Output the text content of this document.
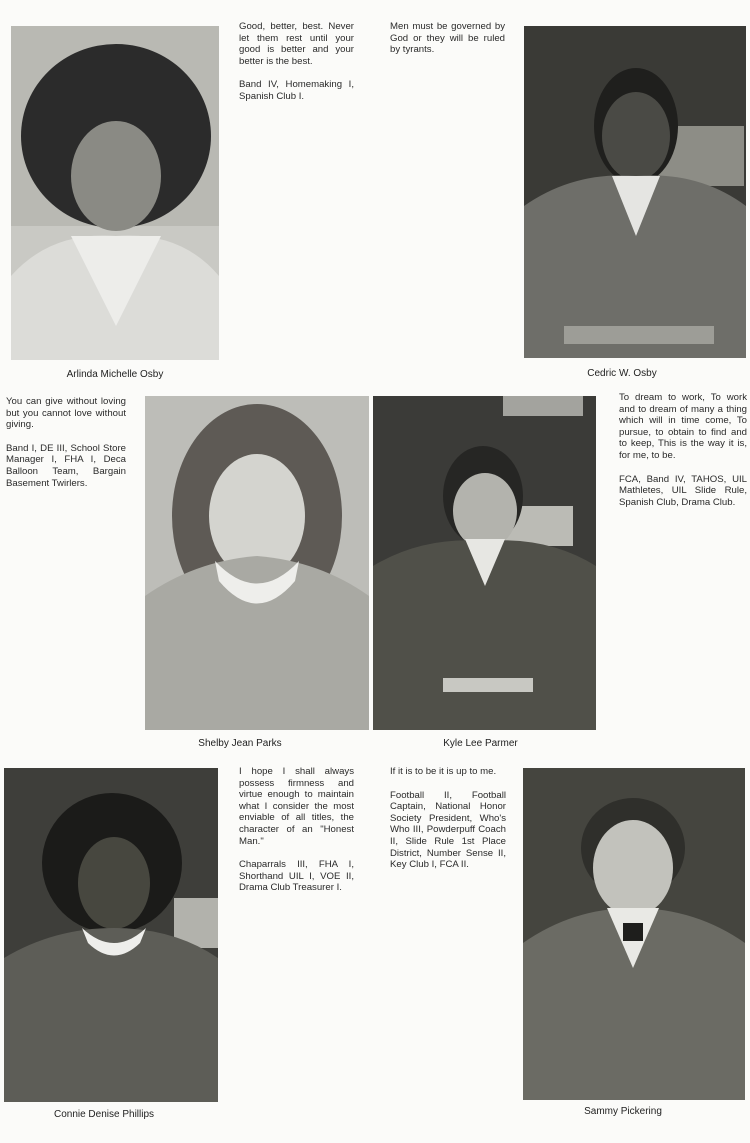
Arlinda Michelle Osby

Good, better, best. Never let them rest until your good is better and your better is the best.

Band IV, Homemaking I, Spanish Club I.

Men must be governed by God or they will be ruled by tyrants.

Cedric W. Osby

You can give without loving but you cannot love without giving.

Band I, DE III, School Store Manager I, FHA I, Deca Balloon Team, Bargain Basement Twirlers.

Shelby Jean Parks	Kyle Lee Parmer

To dream to work, To work and to dream of many a thing which will in time come, To pursue, to obtain to find and to keep, This is the way it is, for me, to be.

FCA, Band IV, TAHOS, UIL Mathletes, UIL Slide Rule, Spanish Club, Drama Club.

Connie Denise Phillips

I hope I shall always possess firmness and virtue enough to maintain what I consider the most enviable of all titles, the character of an "Honest Man."

Chaparrals III, FHA I, Shorthand UIL I, VOE II, Drama Club Treasurer I.

If it is to be it is up to me.

Football II, Football Captain, National Honor Society President, Who's Who III, Powderpuff Coach II, Slide Rule 1st Place District, Number Sense II, Key Club I, FCA II.

Sammy Pickering
